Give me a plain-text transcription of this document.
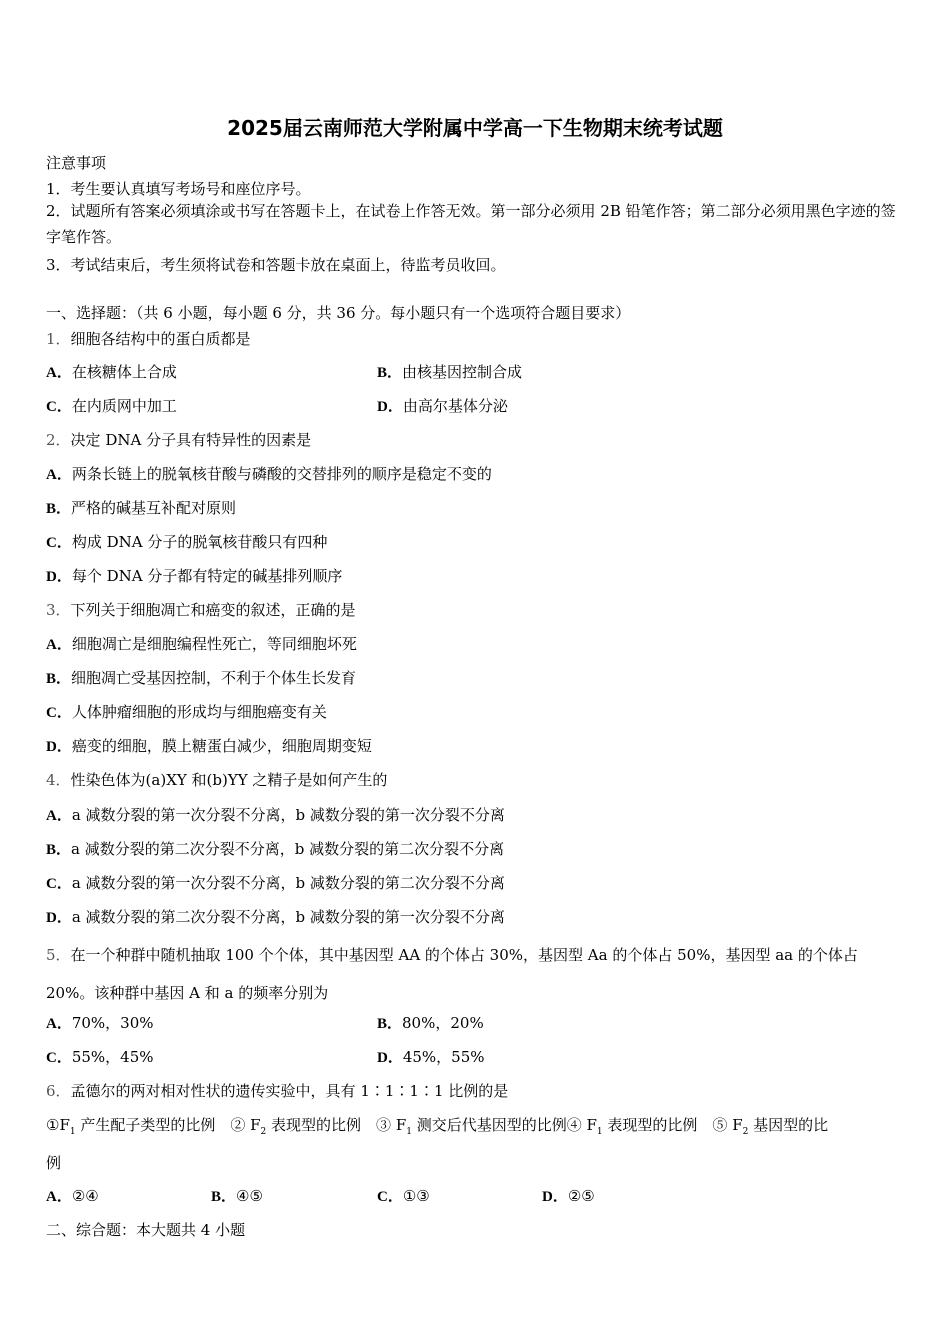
2025届云南师范大学附属中学高一下生物期末统考试题
注意事项
1．考生要认真填写考场号和座位序号。
2．试题所有答案必须填涂或书写在答题卡上，在试卷上作答无效。第一部分必须用 2B 铅笔作答；第二部分必须用黑色字迹的签字笔作答。
3．考试结束后，考生须将试卷和答题卡放在桌面上，待监考员收回。
一、选择题：（共 6 小题，每小题 6 分，共 36 分。每小题只有一个选项符合题目要求）
1．细胞各结构中的蛋白质都是
A．在核糖体上合成	B．由核基因控制合成
C．在内质网中加工	D．由高尔基体分泌
2．决定 DNA 分子具有特异性的因素是
A．两条长链上的脱氧核苷酸与磷酸的交替排列的顺序是稳定不变的
B．严格的碱基互补配对原则
C．构成 DNA 分子的脱氧核苷酸只有四种
D．每个 DNA 分子都有特定的碱基排列顺序
3．下列关于细胞凋亡和癌变的叙述，正确的是
A．细胞凋亡是细胞编程性死亡，等同细胞坏死
B．细胞凋亡受基因控制，不利于个体生长发育
C．人体肿瘤细胞的形成均与细胞癌变有关
D．癌变的细胞，膜上糖蛋白减少，细胞周期变短
4．性染色体为(a)XY 和(b)YY 之精子是如何产生的
A．a 减数分裂的第一次分裂不分离，b 减数分裂的第一次分裂不分离
B．a 减数分裂的第二次分裂不分离，b 减数分裂的第二次分裂不分离
C．a 减数分裂的第一次分裂不分离，b 减数分裂的第二次分裂不分离
D．a 减数分裂的第二次分裂不分离，b 减数分裂的第一次分裂不分离
5．在一个种群中随机抽取 100 个个体，其中基因型 AA 的个体占 30%，基因型 Aa 的个体占 50%，基因型 aa 的个体占 20%。该种群中基因 A 和 a 的频率分别为
A．70%，30%	B．80%，20%
C．55%，45%	D．45%，55%
6．孟德尔的两对相对性状的遗传实验中，具有 1∶1∶1∶1 比例的是
$①F_1$ 产生配子类型的比例　② $F_2$ 表现型的比例　③ $F_1$ 测交后代基因型的比例④ $F_1$ 表现型的比例　⑤ $F_2$ 基因型的比
例
A．②④	B．④⑤	C．①③	D．②⑤
二、综合题：本大题共 4 小题
